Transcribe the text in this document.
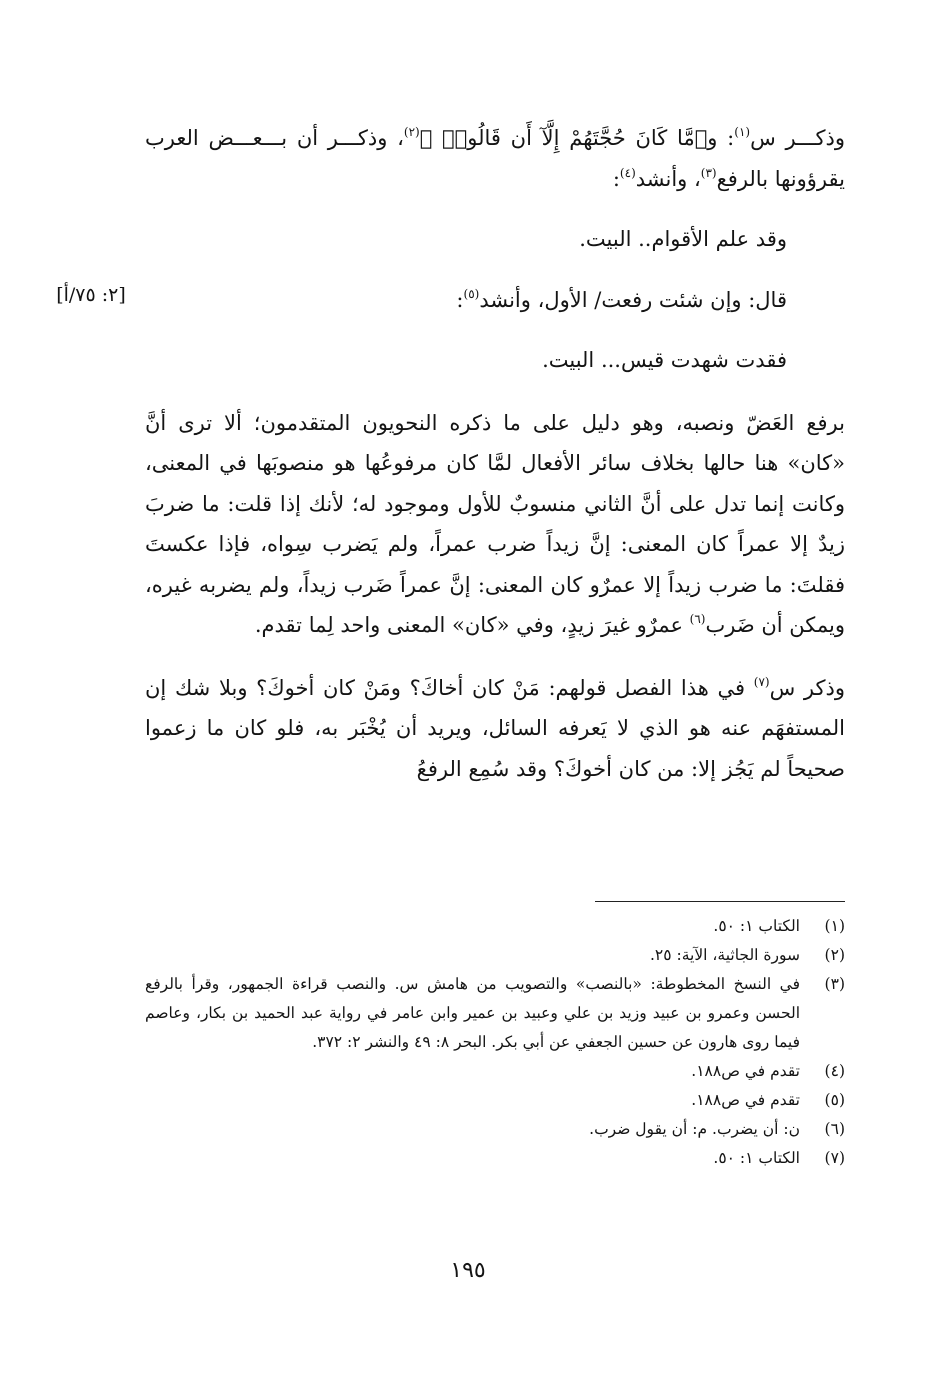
[٢: ٧٥/أ]

وذكـــر س$^{(١)}$: و﴿مَّا كَانَ حُجَّتَهُمْ إِلَّآ أَن قَالُوا۟ ﴾$^{(٢)}$، وذكـــر أن بـــعـــض العرب يقرؤونها بالرفع$^{(٣)}$، وأنشد$^{(٤)}$:

وقد علم الأقوام.. البيت.

قال: وإن شئت رفعت/ الأول، وأنشد$^{(٥)}$:

فقدت شهدت قيس... البيت.

برفع العَضّ ونصبه، وهو دليل على ما ذكره النحويون المتقدمون؛ ألا ترى أنَّ «كان» هنا حالها بخلاف سائر الأفعال لمَّا كان مرفوعُها هو منصوبَها في المعنى، وكانت إنما تدل على أنَّ الثاني منسوبٌ للأول وموجود له؛ لأنك إذا قلت: ما ضربَ زيدٌ إلا عمراً كان المعنى: إنَّ زيداً ضرب عمراً، ولم يَضرب سِواه، فإذا عكستَ فقلتَ: ما ضرب زيداً إلا عمرٌو كان المعنى: إنَّ عمراً ضَرب زيداً، ولم يضربه غيره، ويمكن أن ضَرب$^{(٦)}$ عمرٌو غيرَ زيدٍ، وفي «كان» المعنى واحد لِما تقدم.

وذكر س$^{(٧)}$ في هذا الفصل قولهم: مَنْ كان أخاكَ؟ ومَنْ كان أخوكَ؟ وبلا شك إن المستفهَم عنه هو الذي لا يَعرفه السائل، ويريد أن يُخْبَر به، فلو كان ما زعموا صحيحاً لم يَجُز إلا: من كان أخوكَ؟ وقد سُمِع الرفعُ

(١)
الكتاب ١: ٥٠.
(٢)
سورة الجاثية، الآية: ٢٥.
(٣)
في النسخ المخطوطة: «بالنصب» والتصويب من هامش س. والنصب قراءة الجمهور، وقرأ بالرفع الحسن وعمرو بن عبيد وزيد بن علي وعبيد بن عمير وابن عامر في رواية عبد الحميد بن بكار، وعاصم فيما روى هارون عن حسين الجعفي عن أبي بكر. البحر ٨: ٤٩ والنشر ٢: ٣٧٢.
(٤)
تقدم في ص١٨٨.
(٥)
تقدم في ص١٨٨.
(٦)
ن: أن يضرب. م: أن يقول ضرب.
(٧)
الكتاب ١: ٥٠.
١٩٥
